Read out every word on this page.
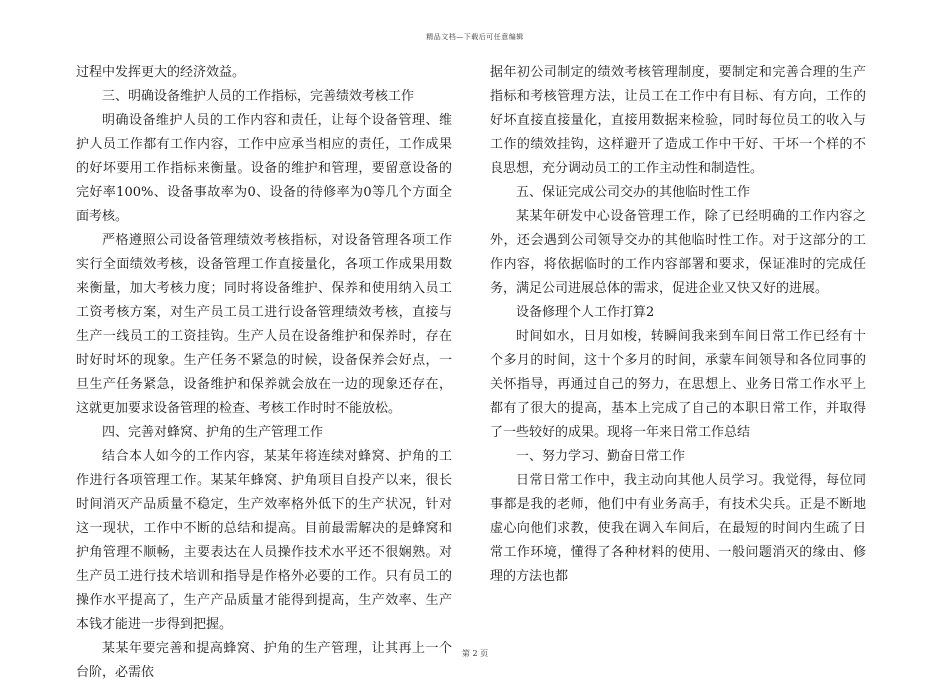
精品文档—下载后可任意编辑

过程中发挥更大的经济效益。

三、明确设备维护人员的工作指标，完善绩效考核工作

明确设备维护人员的工作内容和责任，让每个设备管理、维护人员工作都有工作内容，工作中应承当相应的责任，工作成果的好坏要用工作指标来衡量。设备的维护和管理，要留意设备的完好率100%、设备事故率为0、设备的待修率为0等几个方面全面考核。

严格遵照公司设备管理绩效考核指标，对设备管理各项工作实行全面绩效考核，设备管理工作直接量化，各项工作成果用数来衡量，加大考核力度；同时将设备维护、保养和使用纳入员工工资考核方案，对生产员工员工进行设备管理绩效考核，直接与生产一线员工的工资挂钩。生产人员在设备维护和保养时，存在时好时坏的现象。生产任务不紧急的时候，设备保养会好点，一旦生产任务紧急，设备维护和保养就会放在一边的现象还存在，这就更加要求设备管理的检查、考核工作时时不能放松。

四、完善对蜂窝、护角的生产管理工作

结合本人如今的工作内容，某某年将连续对蜂窝、护角的工作进行各项管理工作。某某年蜂窝、护角项目自投产以来，很长时间消灭产品质量不稳定，生产效率格外低下的生产状况，针对这一现状，工作中不断的总结和提高。目前最需解决的是蜂窝和护角管理不顺畅，主要表达在人员操作技术水平还不很娴熟。对生产员工进行技术培训和指导是作格外必要的工作。只有员工的操作水平提高了，生产产品质量才能得到提高，生产效率、生产本钱才能进一步得到把握。

某某年要完善和提高蜂窝、护角的生产管理，让其再上一个台阶，必需依

据年初公司制定的绩效考核管理制度，要制定和完善合理的生产指标和考核管理方法，让员工在工作中有目标、有方向，工作的好坏直接直接量化，直接用数据来检验，同时每位员工的收入与工作的绩效挂钩，这样避开了造成工作中干好、干坏一个样的不良思想，充分调动员工的工作主动性和制造性。

五、保证完成公司交办的其他临时性工作

某某年研发中心设备管理工作，除了已经明确的工作内容之外，还会遇到公司领导交办的其他临时性工作。对于这部分的工作内容，将依据临时的工作内容部署和要求，保证准时的完成任务，满足公司进展总体的需求，促进企业又快又好的进展。

设备修理个人工作打算2

时间如水，日月如梭，转瞬间我来到车间日常工作已经有十个多月的时间，这十个多月的时间，承蒙车间领导和各位同事的关怀指导，再通过自己的努力，在思想上、业务日常工作水平上都有了很大的提高，基本上完成了自己的本职日常工作，并取得了一些较好的成果。现将一年来日常工作总结

一、努力学习、勤奋日常工作

日常日常工作中，我主动向其他人员学习。我觉得，每位同事都是我的老师，他们中有业务高手，有技术尖兵。正是不断地虚心向他们求教，使我在调入车间后，在最短的时间内生疏了日常工作环境，懂得了各种材料的使用、一般问题消灭的缘由、修理的方法也都

第 2 页
